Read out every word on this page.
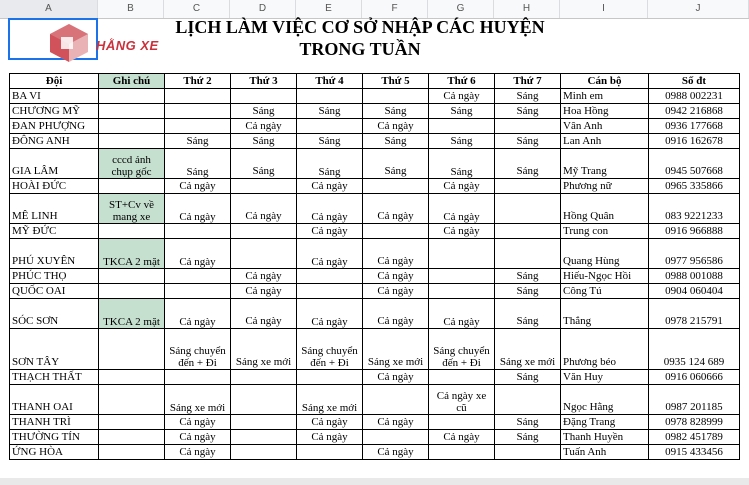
A	B	C	D	E	F	G	H	I	J
HẰNG XE
LỊCH LÀM VIỆC CƠ SỞ NHẬP CÁC HUYỆN
TRONG TUẦN
Đội	Ghi chú	Thứ 2	Thứ 3	Thứ 4	Thứ 5	Thứ 6	Thứ 7	Cán bộ	Số đt
BA VI						Cả ngày	Sáng	Minh em	0988 002231
CHƯƠNG MỸ			Sáng	Sáng	Sáng	Sáng	Sáng	Hoa Hồng	0942 216868
ĐAN PHƯỢNG			Cả ngày		Cả ngày			Vân Anh	0936 177668
ĐÔNG ANH		Sáng	Sáng	Sáng	Sáng	Sáng	Sáng	Lan Anh	0916 162678
GIA LÂM	cccd ảnh chụp gốc	Sáng	Sáng	Sáng	Sáng	Sáng	Sáng	Mỹ Trang	0945 507668
HOÀI ĐỨC		Cả ngày		Cả ngày		Cả ngày		Phương nữ	0965 335866
MÊ LINH	ST+Cv về mang xe	Cả ngày	Cả ngày	Cả ngày	Cả ngày	Cả ngày		Hồng Quân	083 9221233
MỸ ĐỨC				Cả ngày		Cả ngày		Trung con	0916 966888
PHÚ XUYÊN	TKCA 2 mặt	Cả ngày		Cả ngày	Cả ngày			Quang Hùng	0977 956586
PHÚC THỌ			Cả ngày		Cả ngày		Sáng	Hiếu-Ngọc Hồi	0988 001088
QUỐC OAI			Cả ngày		Cả ngày		Sáng	Công Tú	0904 060404
SÓC SƠN	TKCA 2 mặt	Cả ngày	Cả ngày	Cả ngày	Cả ngày	Cả ngày	Sáng	Thắng	0978 215791
SƠN TÂY		Sáng chuyển đến + Đi	Sáng xe mới	Sáng chuyển đến + Đi	Sáng xe mới	Sáng chuyển đến + Đi	Sáng xe mới	Phương béo	0935 124 689
THẠCH THẤT					Cả ngày		Sáng	Văn Huy	0916 060666
THANH OAI		Sáng xe mới		Sáng xe mới		Cả ngày xe cũ		Ngọc Hằng	0987 201185
THANH TRÌ		Cả ngày		Cả ngày	Cả ngày		Sáng	Đặng Trang	0978 828999
THƯỜNG TÍN		Cả ngày		Cả ngày		Cả ngày	Sáng	Thanh Huyền	0982 451789
ỨNG HÒA		Cả ngày			Cả ngày			Tuấn Anh	0915 433456
